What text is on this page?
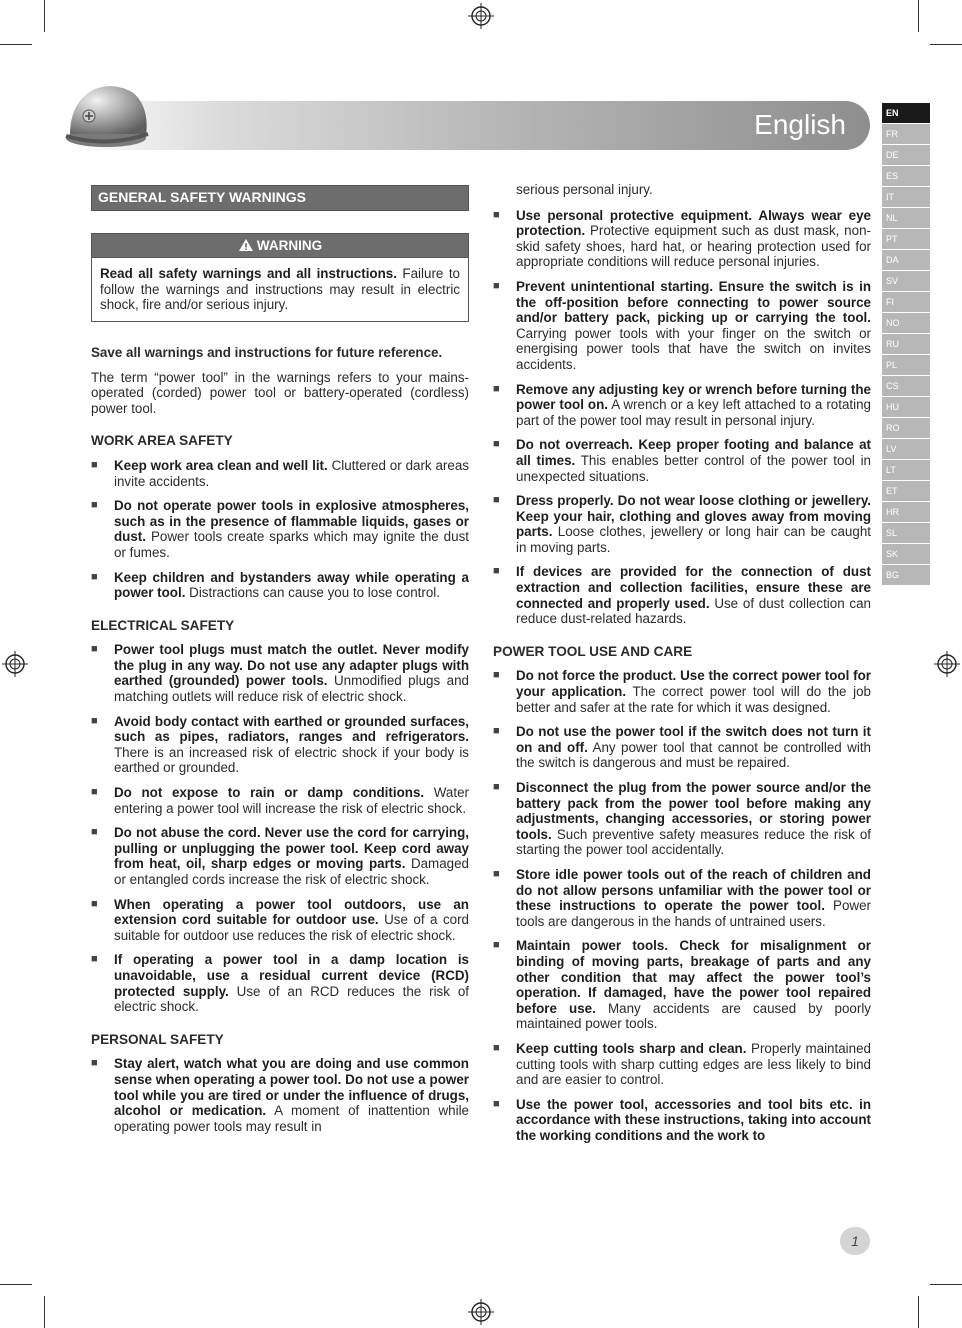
English	EN
FR
DE
ES
IT
NL
PT
DA
SV
FI
NO
RU
PL
CS
HU
RO
LV
LT
ET
HR
SL
SK
BG
GENERAL SAFETY WARNINGS
WARNING
Read all safety warnings and all instructions. Failure to follow the warnings and instructions may result in electric shock, fire and/or serious injury.

Save all warnings and instructions for future reference.

The term “power tool” in the warnings refers to your mains-operated (corded) power tool or battery-operated (cordless) power tool.

WORK AREA SAFETY
■ Keep work area clean and well lit. Cluttered or dark areas invite accidents.
■ Do not operate power tools in explosive atmospheres, such as in the presence of flammable liquids, gases or dust. Power tools create sparks which may ignite the dust or fumes.
■ Keep children and bystanders away while operating a power tool. Distractions can cause you to lose control.
ELECTRICAL SAFETY
■ Power tool plugs must match the outlet. Never modify the plug in any way. Do not use any adapter plugs with earthed (grounded) power tools. Unmodified plugs and matching outlets will reduce risk of electric shock.
■ Avoid body contact with earthed or grounded surfaces, such as pipes, radiators, ranges and refrigerators. There is an increased risk of electric shock if your body is earthed or grounded.
■ Do not expose to rain or damp conditions. Water entering a power tool will increase the risk of electric shock.
■ Do not abuse the cord. Never use the cord for carrying, pulling or unplugging the power tool. Keep cord away from heat, oil, sharp edges or moving parts. Damaged or entangled cords increase the risk of electric shock.
■ When operating a power tool outdoors, use an extension cord suitable for outdoor use. Use of a cord suitable for outdoor use reduces the risk of electric shock.
■ If operating a power tool in a damp location is unavoidable, use a residual current device (RCD) protected supply. Use of an RCD reduces the risk of electric shock.
PERSONAL SAFETY
■ Stay alert, watch what you are doing and use common sense when operating a power tool. Do not use a power tool while you are tired or under the influence of drugs, alcohol or medication. A moment of inattention while operating power tools may result in

serious personal injury.

■ Use personal protective equipment. Always wear eye protection. Protective equipment such as dust mask, non-skid safety shoes, hard hat, or hearing protection used for appropriate conditions will reduce personal injuries.
■ Prevent unintentional starting. Ensure the switch is in the off-position before connecting to power source and/or battery pack, picking up or carrying the tool. Carrying power tools with your finger on the switch or energising power tools that have the switch on invites accidents.
■ Remove any adjusting key or wrench before turning the power tool on. A wrench or a key left attached to a rotating part of the power tool may result in personal injury.
■ Do not overreach. Keep proper footing and balance at all times. This enables better control of the power tool in unexpected situations.
■ Dress properly. Do not wear loose clothing or jewellery. Keep your hair, clothing and gloves away from moving parts. Loose clothes, jewellery or long hair can be caught in moving parts.
■ If devices are provided for the connection of dust extraction and collection facilities, ensure these are connected and properly used. Use of dust collection can reduce dust-related hazards.
POWER TOOL USE AND CARE
■ Do not force the product. Use the correct power tool for your application. The correct power tool will do the job better and safer at the rate for which it was designed.
■ Do not use the power tool if the switch does not turn it on and off. Any power tool that cannot be controlled with the switch is dangerous and must be repaired.
■ Disconnect the plug from the power source and/or the battery pack from the power tool before making any adjustments, changing accessories, or storing power tools. Such preventive safety measures reduce the risk of starting the power tool accidentally.
■ Store idle power tools out of the reach of children and do not allow persons unfamiliar with the power tool or these instructions to operate the power tool. Power tools are dangerous in the hands of untrained users.
■ Maintain power tools. Check for misalignment or binding of moving parts, breakage of parts and any other condition that may affect the power tool’s operation. If damaged, have the power tool repaired before use. Many accidents are caused by poorly maintained power tools.
■ Keep cutting tools sharp and clean. Properly maintained cutting tools with sharp cutting edges are less likely to bind and are easier to control.
■ Use the power tool, accessories and tool bits etc. in accordance with these instructions, taking into account the working conditions and the work to
1
